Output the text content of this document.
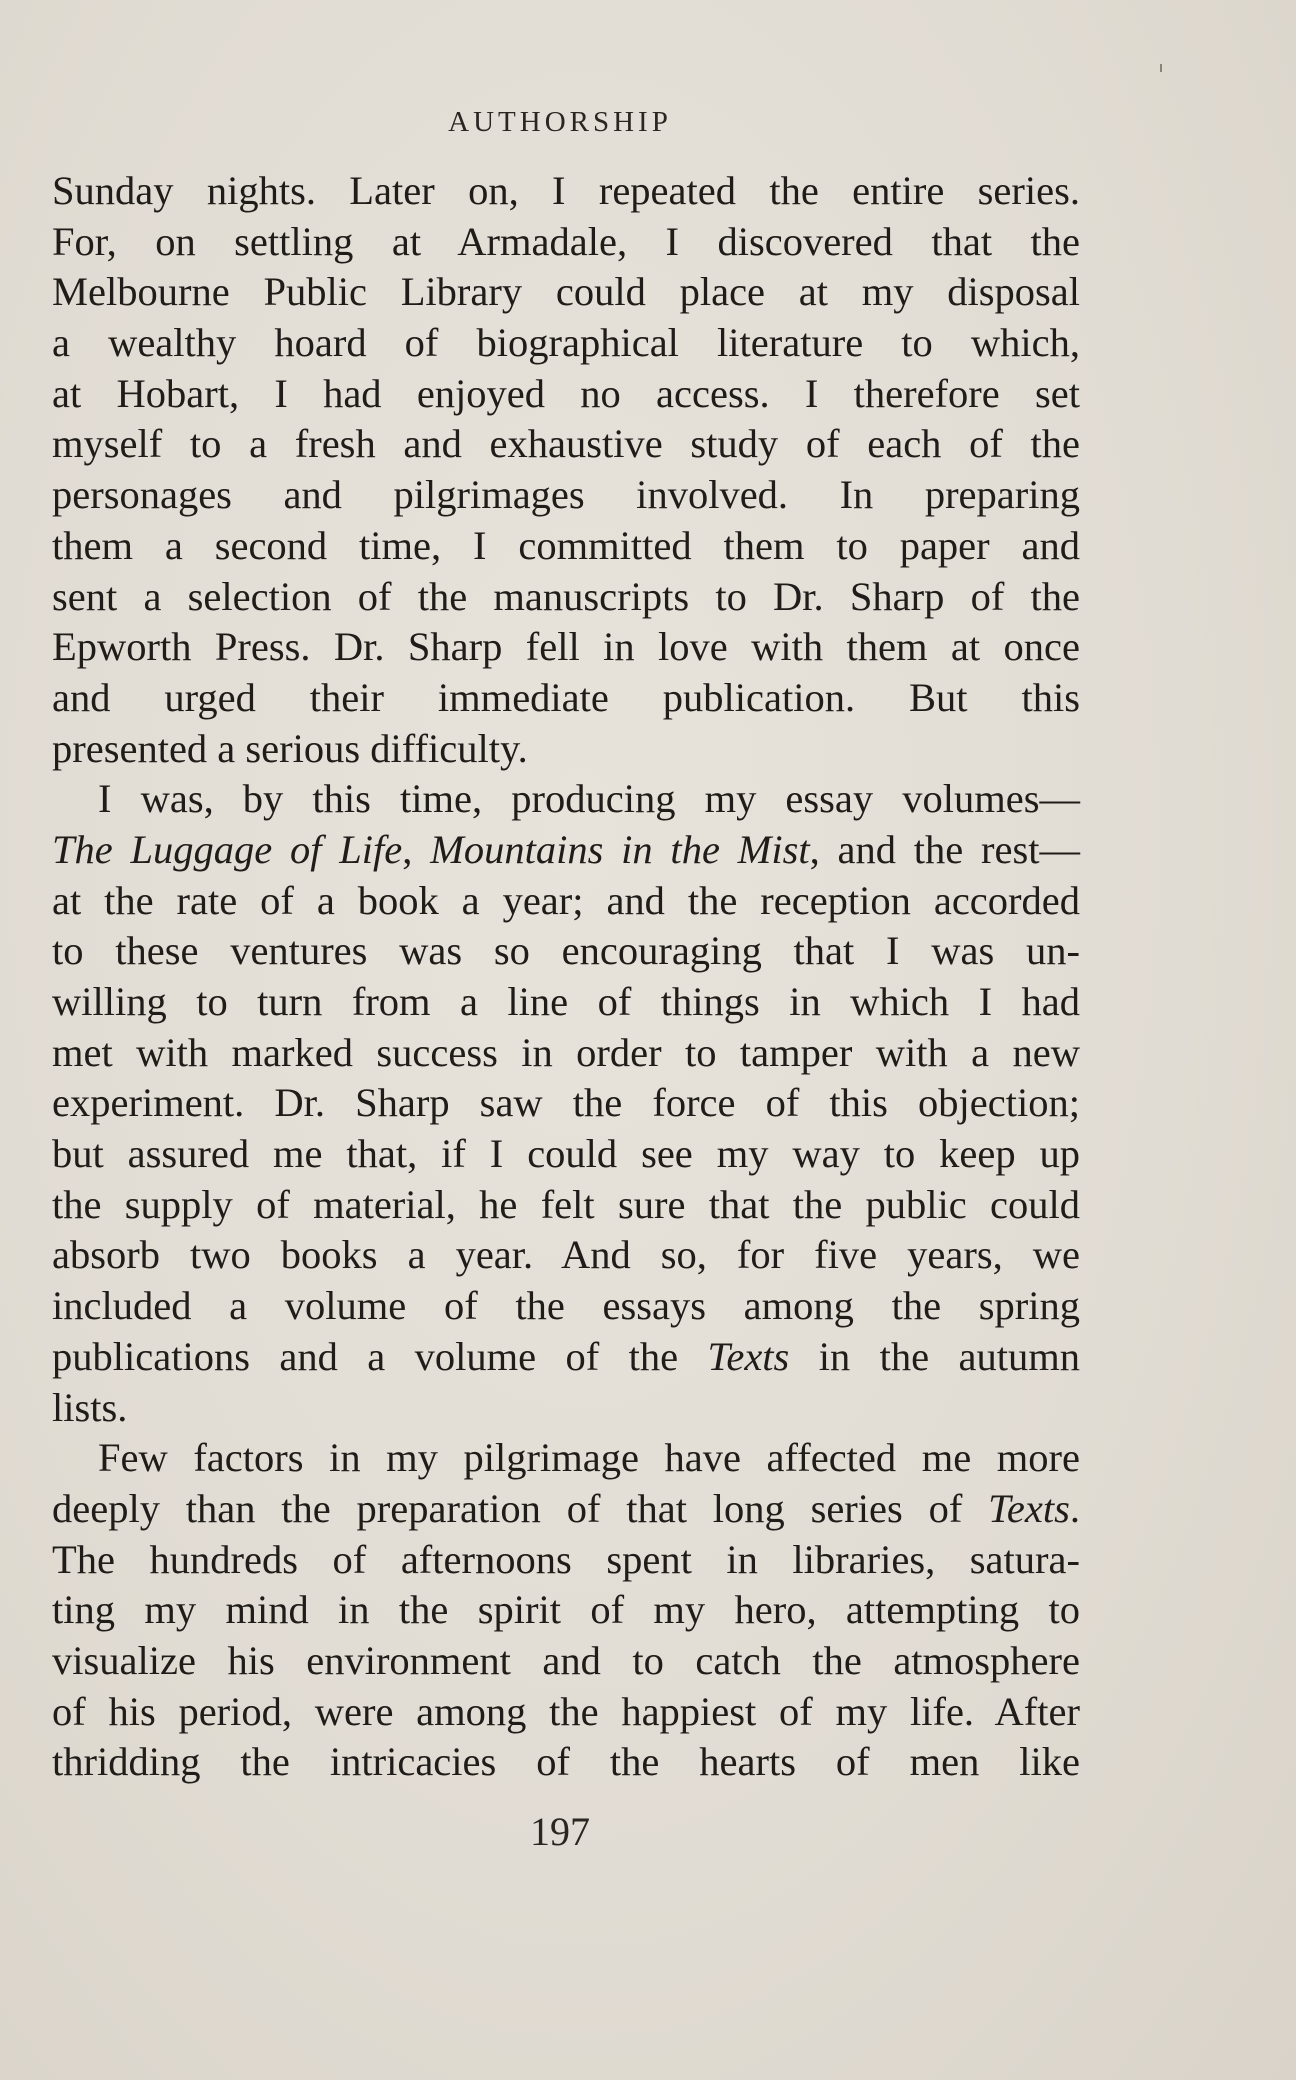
AUTHORSHIP
Sunday nights. Later on, I repeated the entire series.
For, on settling at Armadale, I discovered that the
Melbourne Public Library could place at my disposal
a wealthy hoard of biographical literature to which,
at Hobart, I had enjoyed no access. I therefore set
myself to a fresh and exhaustive study of each of the
personages and pilgrimages involved. In preparing
them a second time, I committed them to paper and
sent a selection of the manuscripts to Dr. Sharp of the
Epworth Press. Dr. Sharp fell in love with them at once
and urged their immediate publication. But this
presented a serious difficulty.
I was, by this time, producing my essay volumes—
The Luggage of Life, Mountains in the Mist, and the rest—
at the rate of a book a year; and the reception accorded
to these ventures was so encouraging that I was un-
willing to turn from a line of things in which I had
met with marked success in order to tamper with a new
experiment. Dr. Sharp saw the force of this objection;
but assured me that, if I could see my way to keep up
the supply of material, he felt sure that the public could
absorb two books a year. And so, for five years, we
included a volume of the essays among the spring
publications and a volume of the Texts in the autumn
lists.
Few factors in my pilgrimage have affected me more
deeply than the preparation of that long series of Texts.
The hundreds of afternoons spent in libraries, satura-
ting my mind in the spirit of my hero, attempting to
visualize his environment and to catch the atmosphere
of his period, were among the happiest of my life. After
thridding the intricacies of the hearts of men like
197
